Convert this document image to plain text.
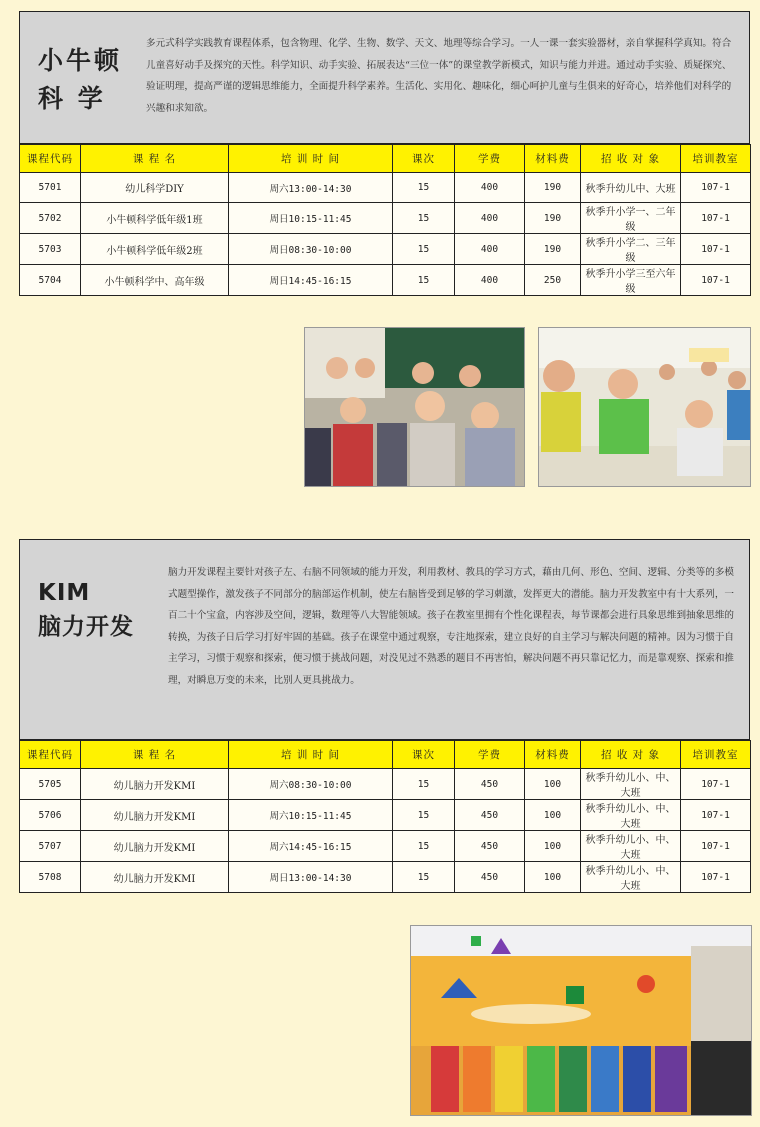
小牛顿
科 学
多元式科学实践教育课程体系，包含物理、化学、生物、数学、天文、地理等综合学习。一人一课一套实验器材，亲自掌握科学真知。符合儿童喜好动手及探究的天性。科学知识、动手实验、拓展表达“三位一体”的课堂教学新模式，知识与能力并进。通过动手实验、质疑探究、验证明理，提高严谨的逻辑思维能力，全面提升科学素养。生活化、实用化、趣味化，细心呵护儿童与生俱来的好奇心，培养他们对科学的兴趣和求知欲。
课程代码	课 程 名	培 训 时 间	课次	学费	材料费	招 收 对 象	培训教室
5701	幼儿科学DIY	周六13:00-14:30	15	400	190	秋季升幼儿中、大班	107-1
5702	小牛顿科学低年级1班	周日10:15-11:45	15	400	190	秋季升小学一、二年级	107-1
5703	小牛顿科学低年级2班	周日08:30-10:00	15	400	190	秋季升小学二、三年级	107-1
5704	小牛顿科学中、高年级	周日14:45-16:15	15	400	250	秋季升小学三至六年级	107-1
KIM
脑力开发
脑力开发课程主要针对孩子左、右脑不同领域的能力开发，利用教材、教具的学习方式，藉由几何、形色、空间、逻辑、分类等的多模式题型操作，激发孩子不同部分的脑部运作机制，使左右脑皆受到足够的学习刺激，发挥更大的潜能。脑力开发教室中有十大系列，一百二十个宝盒，内容涉及空间，逻辑，数理等八大智能领域。孩子在教室里拥有个性化课程表，每节课都会进行具象思维到抽象思维的转换，为孩子日后学习打好牢固的基础。孩子在课堂中通过观察，专注地探索，建立良好的自主学习与解决问题的精神。因为习惯于自主学习，习惯于观察和探索，便习惯于挑战问题，对没见过不熟悉的题目不再害怕，解决问题不再只靠记忆力，而是靠观察、探索和推理，对瞬息万变的未来，比别人更具挑战力。
课程代码	课 程 名	培 训 时 间	课次	学费	材料费	招 收 对 象	培训教室
5705	幼儿脑力开发KMI	周六08:30-10:00	15	450	100	秋季升幼儿小、中、大班	107-1
5706	幼儿脑力开发KMI	周六10:15-11:45	15	450	100	秋季升幼儿小、中、大班	107-1
5707	幼儿脑力开发KMI	周六14:45-16:15	15	450	100	秋季升幼儿小、中、大班	107-1
5708	幼儿脑力开发KMI	周日13:00-14:30	15	450	100	秋季升幼儿小、中、大班	107-1
